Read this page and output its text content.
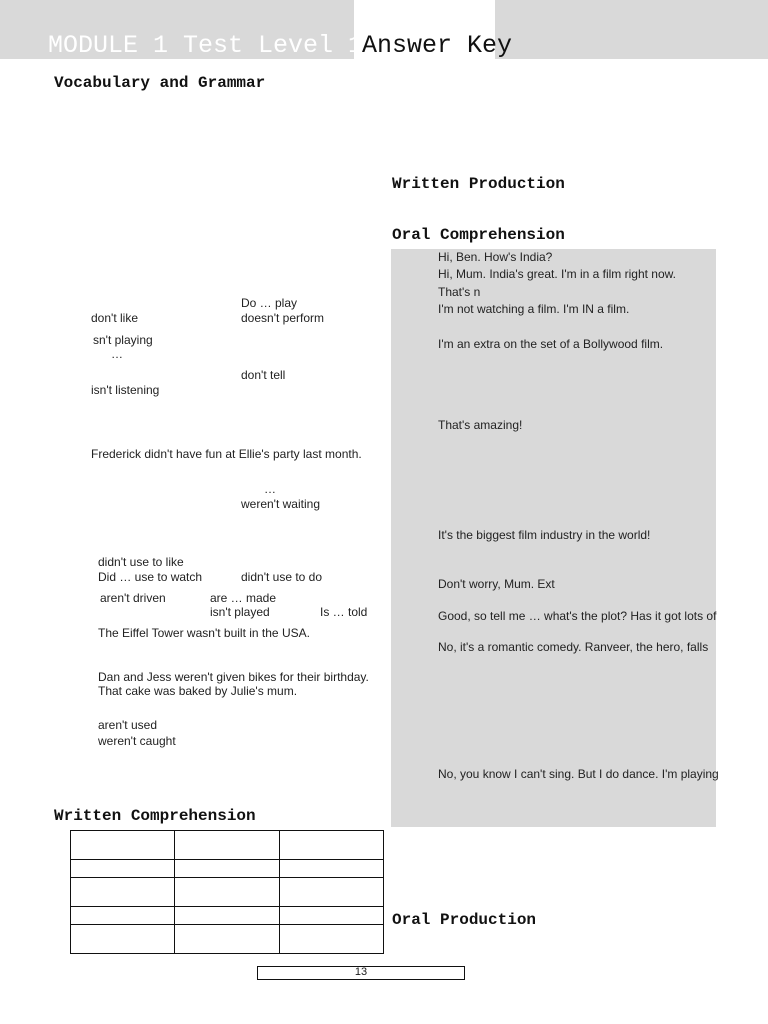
MODULE 1 Test Level 1
Answer Key
Vocabulary and Grammar
Written Production
Oral Comprehension
Written Comprehension
Oral Production
Do … play
don't like	doesn't perform
sn't playing
…
don't tell
isn't listening
Frederick didn't have fun at Ellie's party last month.
…
weren't waiting
didn't use to like
Did … use to watch	didn't use to do
aren't driven	are … made
isn't played	Is … told
The Eiffel Tower wasn't built in the USA.
Dan and Jess weren't given bikes for their birthday.
That cake was baked by Julie's mum.
aren't used
weren't caught
Hi, Ben. How's India?
Hi, Mum. India's great. I'm in a film right now.
That's n
I'm not watching a film. I'm IN a film.
I'm an extra on the set of a Bollywood film.
That's amazing!
It's the biggest film industry in the world!
Don't worry, Mum. Ext
Good, so tell me … what's the plot? Has it got lots of
No, it's a romantic comedy. Ranveer, the hero, falls
No, you know I can't sing. But I do dance. I'm playing

13
